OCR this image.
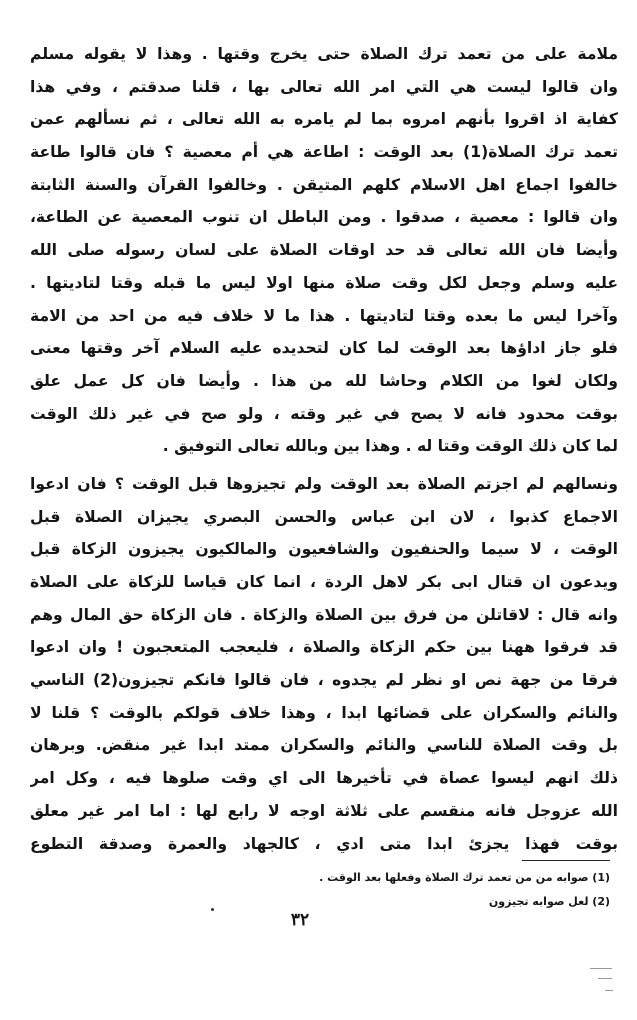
ملامة على من تعمد ترك الصلاة حتى يخرج وقتها . وهذا لا يقوله مسلم
وان قالوا ليست هي التي امر الله تعالى بها ، قلنا صدقتم ، وفي هذا
كفاية اذ اقروا بأنهم امروه بما لم يامره به الله تعالى ، ثم نسألهم عمن
تعمد ترك الصلاة(1) بعد الوقت : اطاعة هي أم معصية ؟ فان قالوا طاعة
خالفوا اجماع اهل الاسلام كلهم المتيقن . وخالفوا القرآن والسنة الثابتة
وان قالوا : معصية ، صدقوا . ومن الباطل ان تنوب المعصية عن الطاعة،
وأيضا فان الله تعالى قد حد اوقات الصلاة على لسان رسوله صلى الله
عليه وسلم وجعل لكل وقت صلاة منها اولا ليس ما قبله وقتا لتاديتها .
وآخرا ليس ما بعده وقتا لتاديتها . هذا ما لا خلاف فيه من احد من الامة
فلو جاز اداؤها بعد الوقت لما كان لتحديده عليه السلام آخر وقتها معنى
ولكان لغوا من الكلام وحاشا لله من هذا . وأيضا فان كل عمل علق
بوقت محدود فانه لا يصح في غير وقته ، ولو صح في غير ذلك الوقت
لما كان ذلك الوقت وقتا له . وهذا بين وبالله تعالى التوفيق .
ونسالهم لم اجزتم الصلاة بعد الوقت ولم تجيزوها قبل الوقت ؟ فان ادعوا
الاجماع كذبوا ، لان ابن عباس والحسن البصري يجيزان الصلاة قبل
الوقت ، لا سيما والحنفيون والشافعيون والمالكيون يجيزون الزكاة قبل
ويدعون ان قتال ابى بكر لاهل الردة ، انما كان قياسا للزكاة على الصلاة
وانه قال : لاقاتلن من فرق بين الصلاة والزكاة . فان الزكاة حق المال وهم
قد فرقوا ههنا بين حكم الزكاة والصلاة ، فليعجب المتعجبون ! وان ادعوا
فرقا من جهة نص او نظر لم يجدوه ، فان قالوا فانكم تجيزون(2) الناسي
والنائم والسكران على قضائها ابدا ، وهذا خلاف قولكم بالوقت ؟ قلنا لا
بل وقت الصلاة للناسي والنائم والسكران ممتد ابدا غير منقض. وبرهان
ذلك انهم ليسوا عصاة في تأخيرها الى اي وقت صلوها فيه ، وكل امر
الله عزوجل فانه منقسم على ثلاثة اوجه لا رابع لها : اما امر غير معلق
بوقت فهذا يجزئ ابدا متى ادي ، كالجهاد والعمرة وصدقة التطوع
(1) صوابه من من تعمد ترك الصلاة وفعلها بعد الوقت .
(2) لعل صوابه تجيزون
٣٢
